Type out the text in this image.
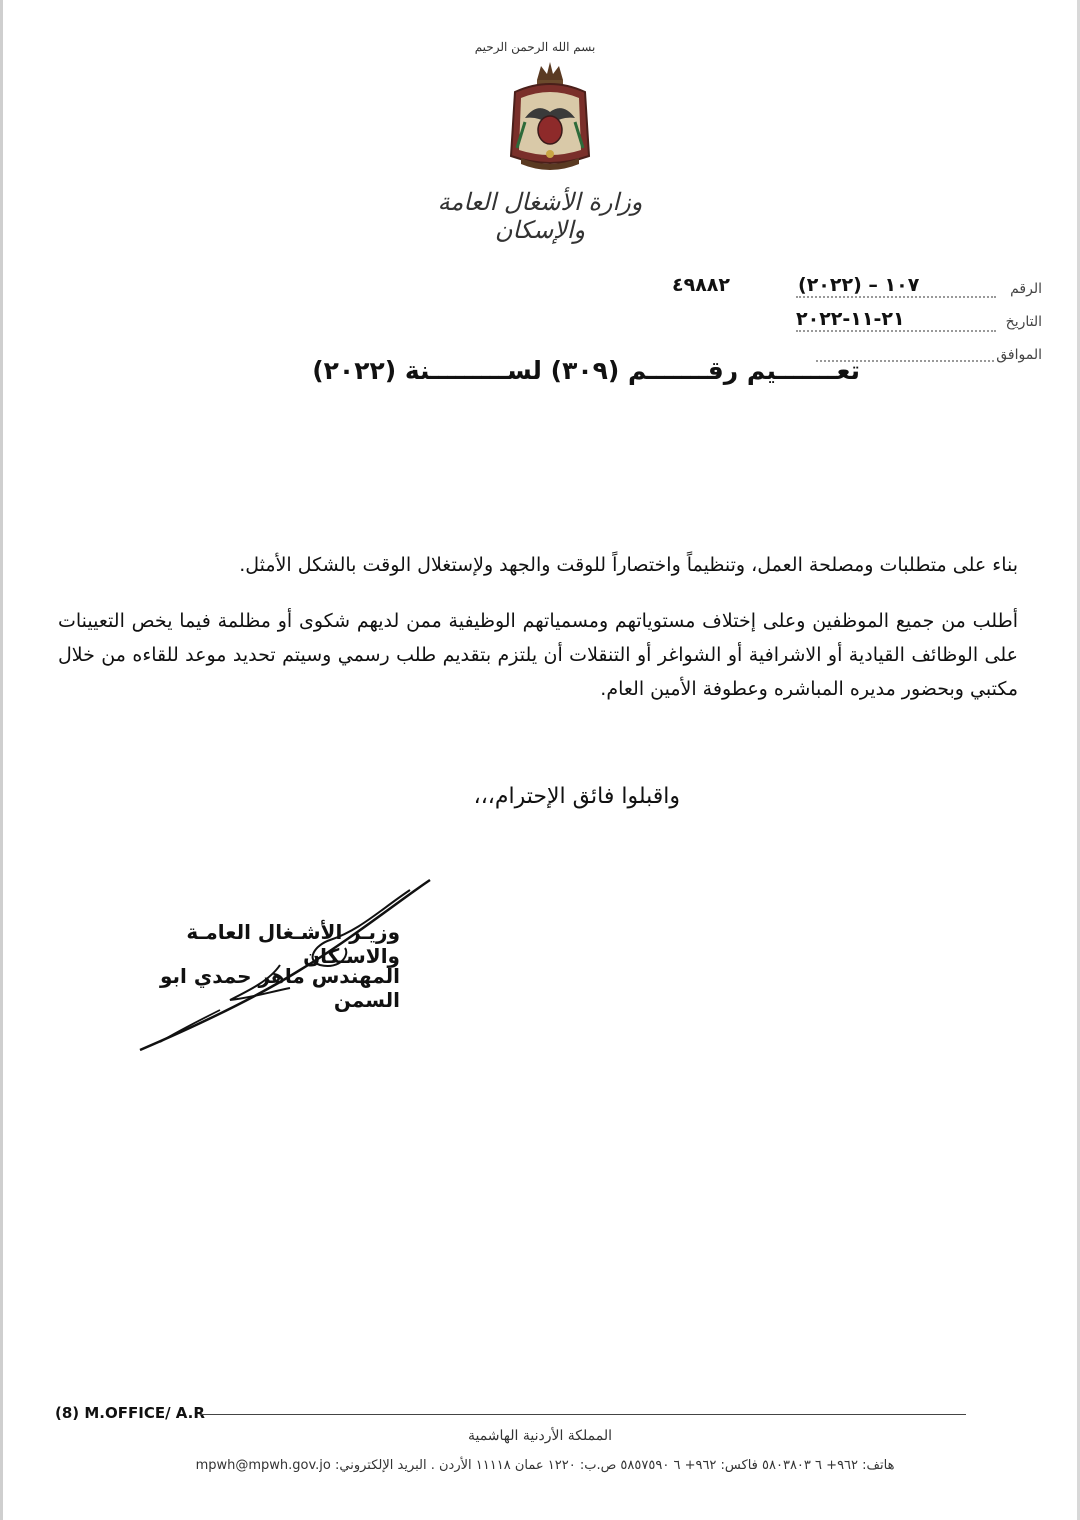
بسم الله الرحمن الرحيم
وزارة الأشغال العامة والإسكان
الرقم
١٠٧ – (٢٠٢٢)
٤٩٨٨٢
التاريخ
٢١-١١-٢٠٢٢
الموافق
تعـــــــيم رقـــــــم (٣٠٩) لســـــــــنة (٢٠٢٢)
بناء على متطلبات ومصلحة العمل، وتنظيماً واختصاراً للوقت والجهد ولإستغلال الوقت بالشكل الأمثل.
أطلب من جميع الموظفين وعلى إختلاف مستوياتهم ومسمياتهم الوظيفية ممن لديهم شكوى أو مظلمة فيما يخص التعيينات على الوظائف القيادية أو الاشرافية أو الشواغر أو التنقلات أن يلتزم بتقديم طلب رسمي وسيتم تحديد موعد للقاءه من خلال مكتبي وبحضور مديره المباشره وعطوفة الأمين العام.
واقبلوا فائق الإحترام،،،
وزيـر الأشـغال العامـة والاسـكان
المهندس ماهر حمدي ابو السمن
(8) M.OFFICE/ A.R
المملكة الأردنية الهاشمية
هاتف: ٩٦٢+ ٦ ٥٨٠٣٨٠٣ فاكس: ٩٦٢+ ٦ ٥٨٥٧٥٩٠ ص.ب: ١٢٢٠ عمان ١١١١٨ الأردن . البريد الإلكتروني: mpwh@mpwh.gov.jo
